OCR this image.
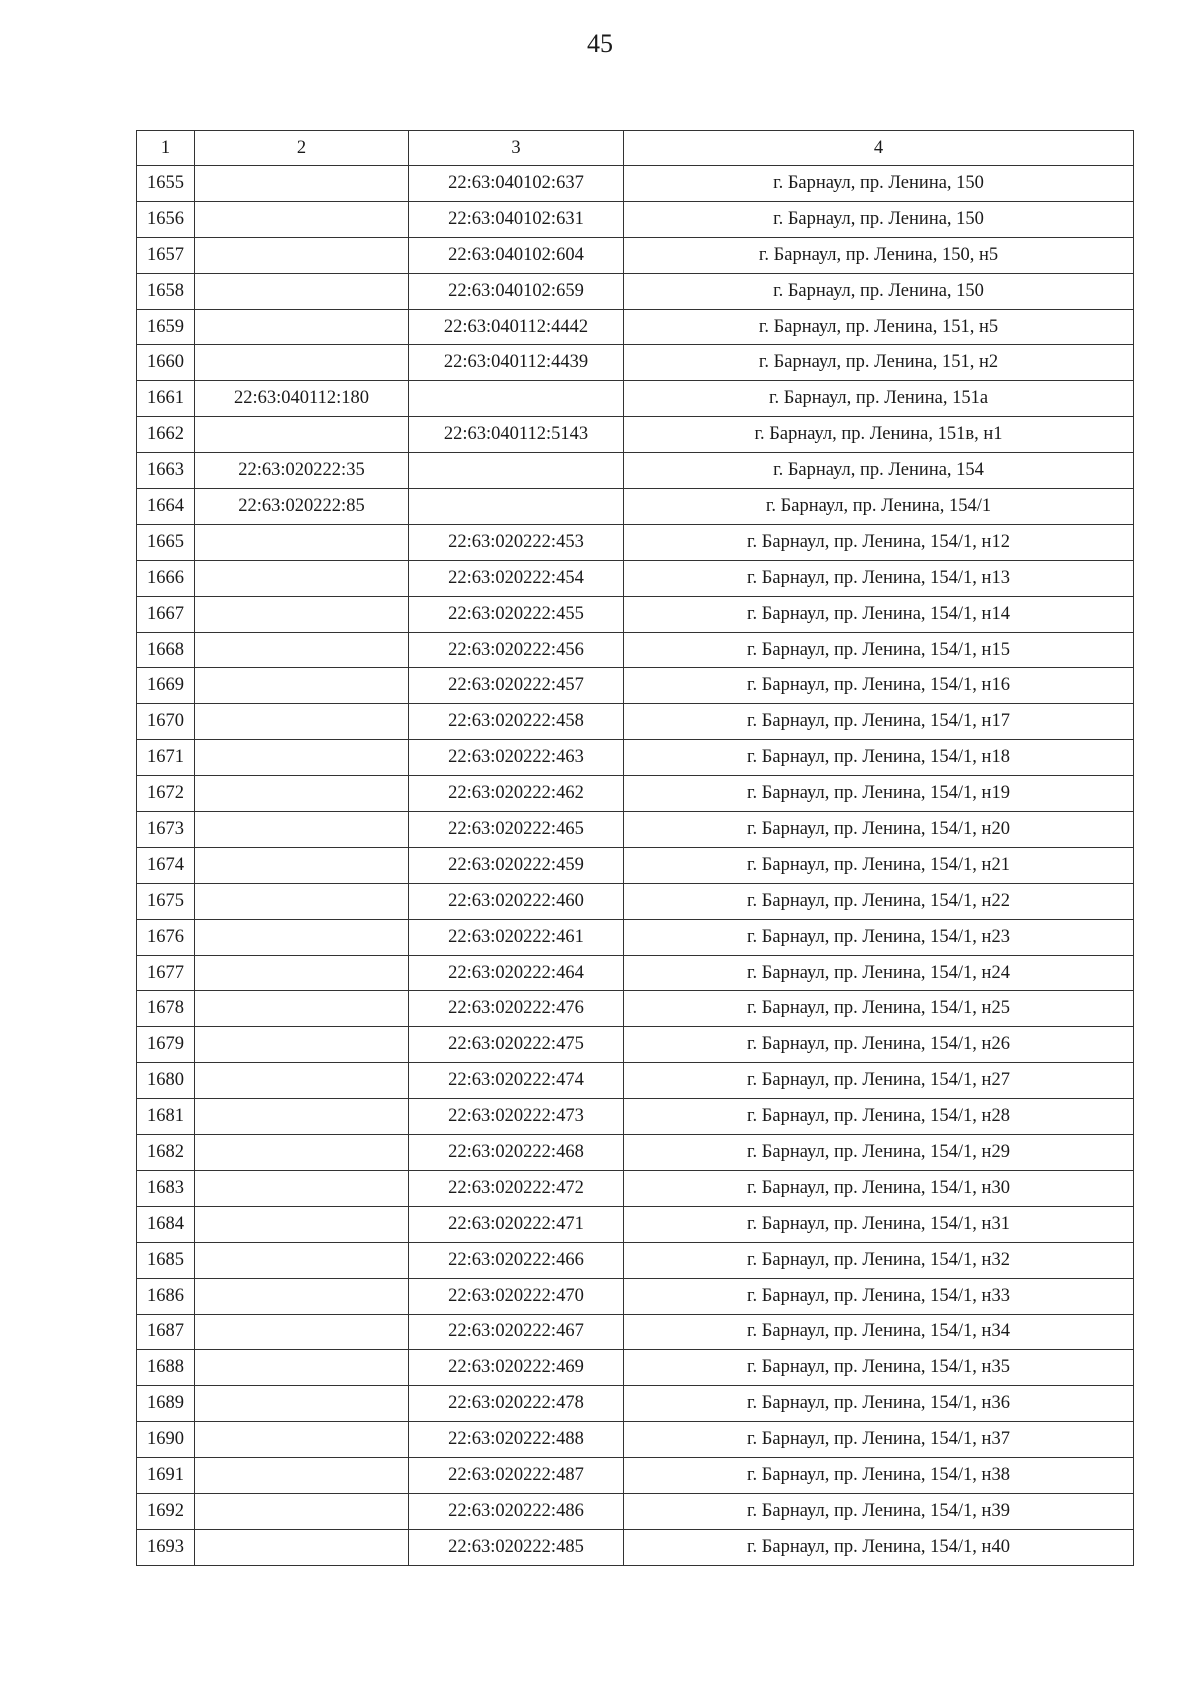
45
1	2	3	4
1655		22:63:040102:637	г. Барнаул, пр. Ленина, 150
1656		22:63:040102:631	г. Барнаул, пр. Ленина, 150
1657		22:63:040102:604	г. Барнаул, пр. Ленина, 150, н5
1658		22:63:040102:659	г. Барнаул, пр. Ленина, 150
1659		22:63:040112:4442	г. Барнаул, пр. Ленина, 151, н5
1660		22:63:040112:4439	г. Барнаул, пр. Ленина, 151, н2
1661	22:63:040112:180		г. Барнаул, пр. Ленина, 151а
1662		22:63:040112:5143	г. Барнаул, пр. Ленина, 151в, н1
1663	22:63:020222:35		г. Барнаул, пр. Ленина, 154
1664	22:63:020222:85		г. Барнаул, пр. Ленина, 154/1
1665		22:63:020222:453	г. Барнаул, пр. Ленина, 154/1, н12
1666		22:63:020222:454	г. Барнаул, пр. Ленина, 154/1, н13
1667		22:63:020222:455	г. Барнаул, пр. Ленина, 154/1, н14
1668		22:63:020222:456	г. Барнаул, пр. Ленина, 154/1, н15
1669		22:63:020222:457	г. Барнаул, пр. Ленина, 154/1, н16
1670		22:63:020222:458	г. Барнаул, пр. Ленина, 154/1, н17
1671		22:63:020222:463	г. Барнаул, пр. Ленина, 154/1, н18
1672		22:63:020222:462	г. Барнаул, пр. Ленина, 154/1, н19
1673		22:63:020222:465	г. Барнаул, пр. Ленина, 154/1, н20
1674		22:63:020222:459	г. Барнаул, пр. Ленина, 154/1, н21
1675		22:63:020222:460	г. Барнаул, пр. Ленина, 154/1, н22
1676		22:63:020222:461	г. Барнаул, пр. Ленина, 154/1, н23
1677		22:63:020222:464	г. Барнаул, пр. Ленина, 154/1, н24
1678		22:63:020222:476	г. Барнаул, пр. Ленина, 154/1, н25
1679		22:63:020222:475	г. Барнаул, пр. Ленина, 154/1, н26
1680		22:63:020222:474	г. Барнаул, пр. Ленина, 154/1, н27
1681		22:63:020222:473	г. Барнаул, пр. Ленина, 154/1, н28
1682		22:63:020222:468	г. Барнаул, пр. Ленина, 154/1, н29
1683		22:63:020222:472	г. Барнаул, пр. Ленина, 154/1, н30
1684		22:63:020222:471	г. Барнаул, пр. Ленина, 154/1, н31
1685		22:63:020222:466	г. Барнаул, пр. Ленина, 154/1, н32
1686		22:63:020222:470	г. Барнаул, пр. Ленина, 154/1, н33
1687		22:63:020222:467	г. Барнаул, пр. Ленина, 154/1, н34
1688		22:63:020222:469	г. Барнаул, пр. Ленина, 154/1, н35
1689		22:63:020222:478	г. Барнаул, пр. Ленина, 154/1, н36
1690		22:63:020222:488	г. Барнаул, пр. Ленина, 154/1, н37
1691		22:63:020222:487	г. Барнаул, пр. Ленина, 154/1, н38
1692		22:63:020222:486	г. Барнаул, пр. Ленина, 154/1, н39
1693		22:63:020222:485	г. Барнаул, пр. Ленина, 154/1, н40
